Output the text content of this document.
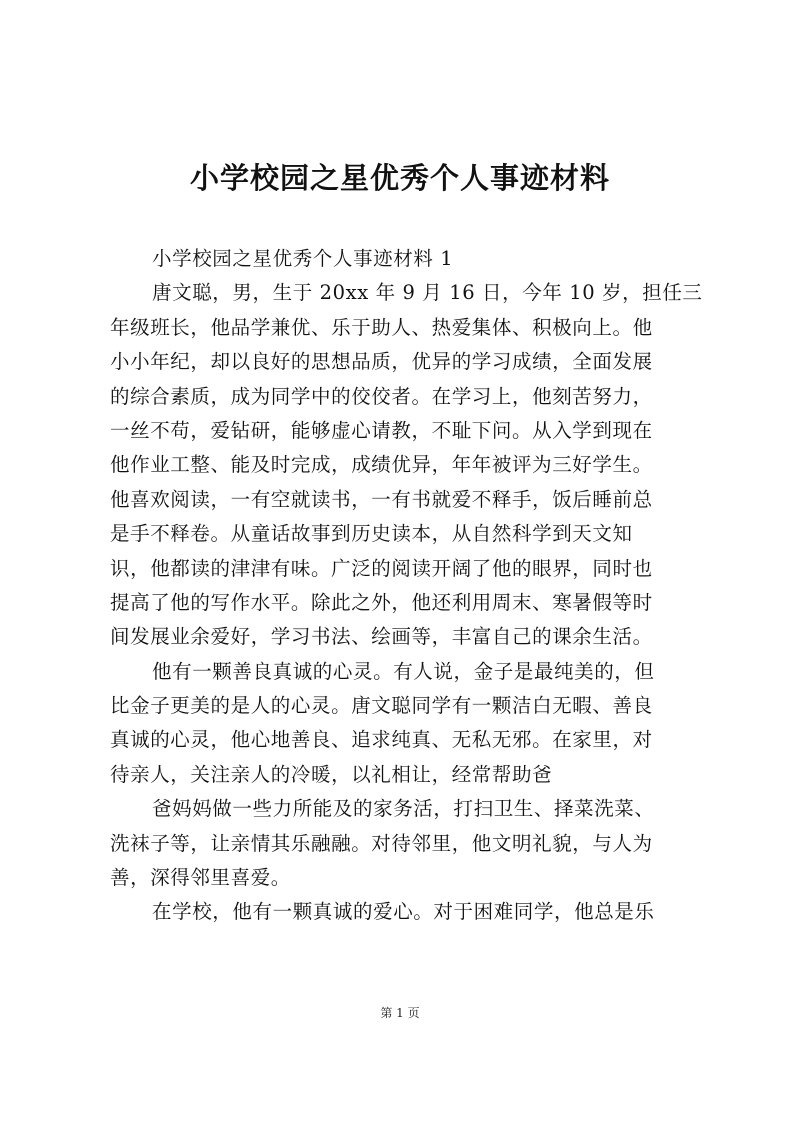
小学校园之星优秀个人事迹材料
小学校园之星优秀个人事迹材料 1
唐文聪，男，生于 20xx 年 9 月 16 日，今年 10 岁，担任三
年级班长，他品学兼优、乐于助人、热爱集体、积极向上。他
小小年纪，却以良好的思想品质，优异的学习成绩，全面发展
的综合素质，成为同学中的佼佼者。在学习上，他刻苦努力，
一丝不苟，爱钻研，能够虚心请教，不耻下问。从入学到现在
他作业工整、能及时完成，成绩优异，年年被评为三好学生。
他喜欢阅读，一有空就读书，一有书就爱不释手，饭后睡前总
是手不释卷。从童话故事到历史读本，从自然科学到天文知
识，他都读的津津有味。广泛的阅读开阔了他的眼界，同时也
提高了他的写作水平。除此之外，他还利用周末、寒暑假等时
间发展业余爱好，学习书法、绘画等，丰富自己的课余生活。
他有一颗善良真诚的心灵。有人说，金子是最纯美的，但
比金子更美的是人的心灵。唐文聪同学有一颗洁白无暇、善良
真诚的心灵，他心地善良、追求纯真、无私无邪。在家里，对
待亲人，关注亲人的冷暖，以礼相让，经常帮助爸
爸妈妈做一些力所能及的家务活，打扫卫生、择菜洗菜、
洗袜子等，让亲情其乐融融。对待邻里，他文明礼貌，与人为
善，深得邻里喜爱。
在学校，他有一颗真诚的爱心。对于困难同学，他总是乐
第 1 页
